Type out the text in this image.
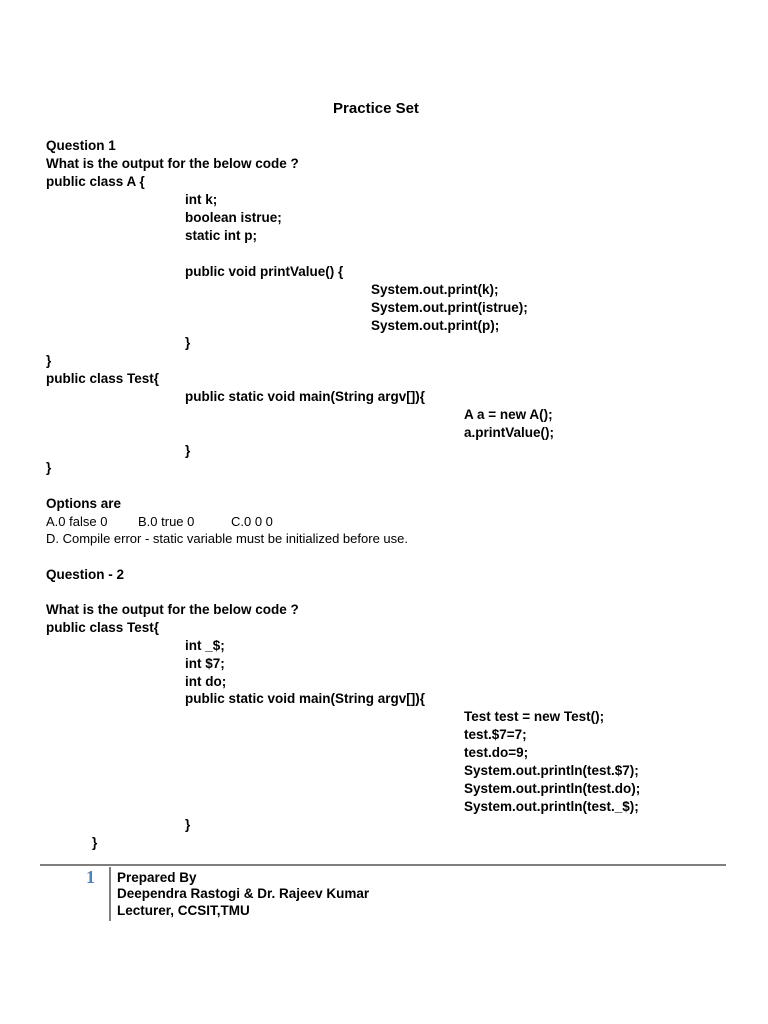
Practice Set
Question 1
What is the output for the below code ?
public class A {
int k;
boolean istrue;
static int p;
public void printValue() {
System.out.print(k);
System.out.print(istrue);
System.out.print(p);
}
}
public class Test{
public static void main(String argv[]){
A a = new A();
a.printValue();
}
}
Options are
A.0 false 0 B.0 true 0	C.0 0 0
D. Compile error - static variable must be initialized before use.
Question - 2
What is the output for the below code ?
public class Test{
int _$;
int $7;
int do;
public static void main(String argv[]){
Test test = new Test();
test.$7=7;
test.do=9;
System.out.println(test.$7);
System.out.println(test.do);
System.out.println(test._$);
}
}
1 Prepared By
Deependra Rastogi & Dr. Rajeev Kumar
Lecturer, CCSIT,TMU
